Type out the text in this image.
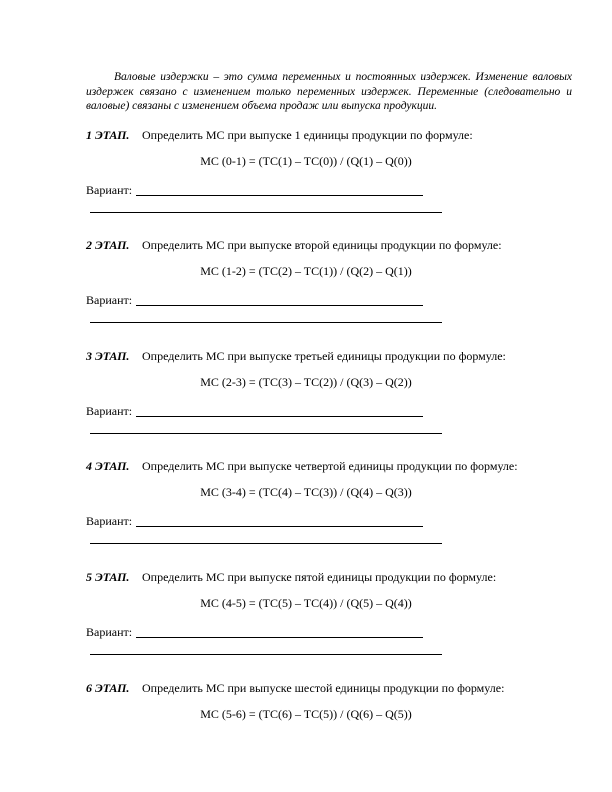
Валовые издержки – это сумма переменных и постоянных издержек. Изменение валовых издержек связано с изменением только переменных издержек. Переменные (следовательно и валовые) связаны с изменением объема продаж или выпуска продукции.

1 ЭТАП. Определить МС при выпуске 1 единицы продукции по формуле:
МС (0-1) = (TC(1) – TC(0)) / (Q(1) – Q(0))
Вариант:
2 ЭТАП. Определить МС при выпуске второй единицы продукции по формуле:
МС (1-2) = (TC(2) – TC(1)) / (Q(2) – Q(1))
Вариант:
3 ЭТАП. Определить МС при выпуске третьей единицы продукции по формуле:
МС (2-3) = (TC(3) – TC(2)) / (Q(3) – Q(2))
Вариант:
4 ЭТАП. Определить МС при выпуске четвертой единицы продукции по формуле:
МС (3-4) = (TC(4) – TC(3)) / (Q(4) – Q(3))
Вариант:
5 ЭТАП. Определить МС при выпуске пятой единицы продукции по формуле:
МС (4-5) = (TC(5) – TC(4)) / (Q(5) – Q(4))
Вариант:
6 ЭТАП. Определить МС при выпуске шестой единицы продукции по формуле:
МС (5-6) = (TC(6) – TC(5)) / (Q(6) – Q(5))
